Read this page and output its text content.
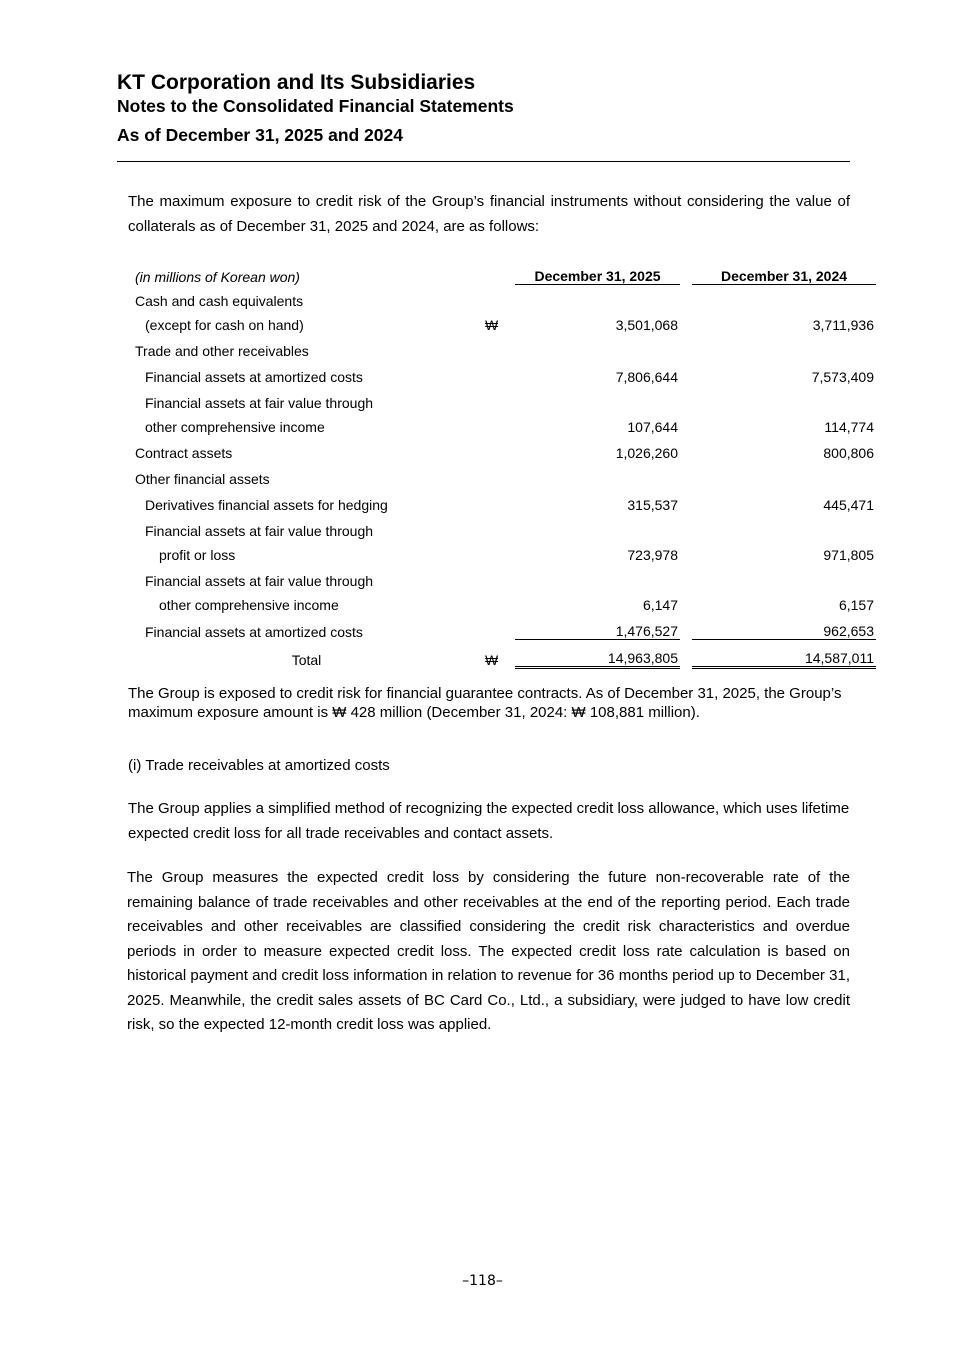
KT Corporation and Its Subsidiaries
Notes to the Consolidated Financial Statements
As of December 31, 2025 and 2024

The maximum exposure to credit risk of the Group’s financial instruments without considering the value of collaterals as of December 31, 2025 and 2024, are as follows:

(in millions of Korean won)		December 31, 2025		December 31, 2024
Cash and cash equivalents				
(except for cash on hand)	₩	3,501,068		3,711,936
Trade and other receivables				
Financial assets at amortized costs		7,806,644		7,573,409
Financial assets at fair value through				
other comprehensive income		107,644		114,774
Contract assets		1,026,260		800,806
Other financial assets				
Derivatives financial assets for hedging		315,537		445,471
Financial assets at fair value through				
profit or loss		723,978		971,805
Financial assets at fair value through				
other comprehensive income		6,147		6,157
Financial assets at amortized costs		1,476,527		962,653
Total	₩	14,963,805		14,587,011

The Group is exposed to credit risk for financial guarantee contracts. As of December 31, 2025, the Group’s maximum exposure amount is ₩ 428 million (December 31, 2024: ₩ 108,881 million).

(i) Trade receivables at amortized costs

The Group applies a simplified method of recognizing the expected credit loss allowance, which uses lifetime expected credit loss for all trade receivables and contact assets.

The Group measures the expected credit loss by considering the future non-recoverable rate of the remaining balance of trade receivables and other receivables at the end of the reporting period. Each trade receivables and other receivables are classified considering the credit risk characteristics and overdue periods in order to measure expected credit loss. The expected credit loss rate calculation is based on historical payment and credit loss information in relation to revenue for 36 months period up to December 31, 2025. Meanwhile, the credit sales assets of BC Card Co., Ltd., a subsidiary, were judged to have low credit risk, so the expected 12-month credit loss was applied.

–118–
